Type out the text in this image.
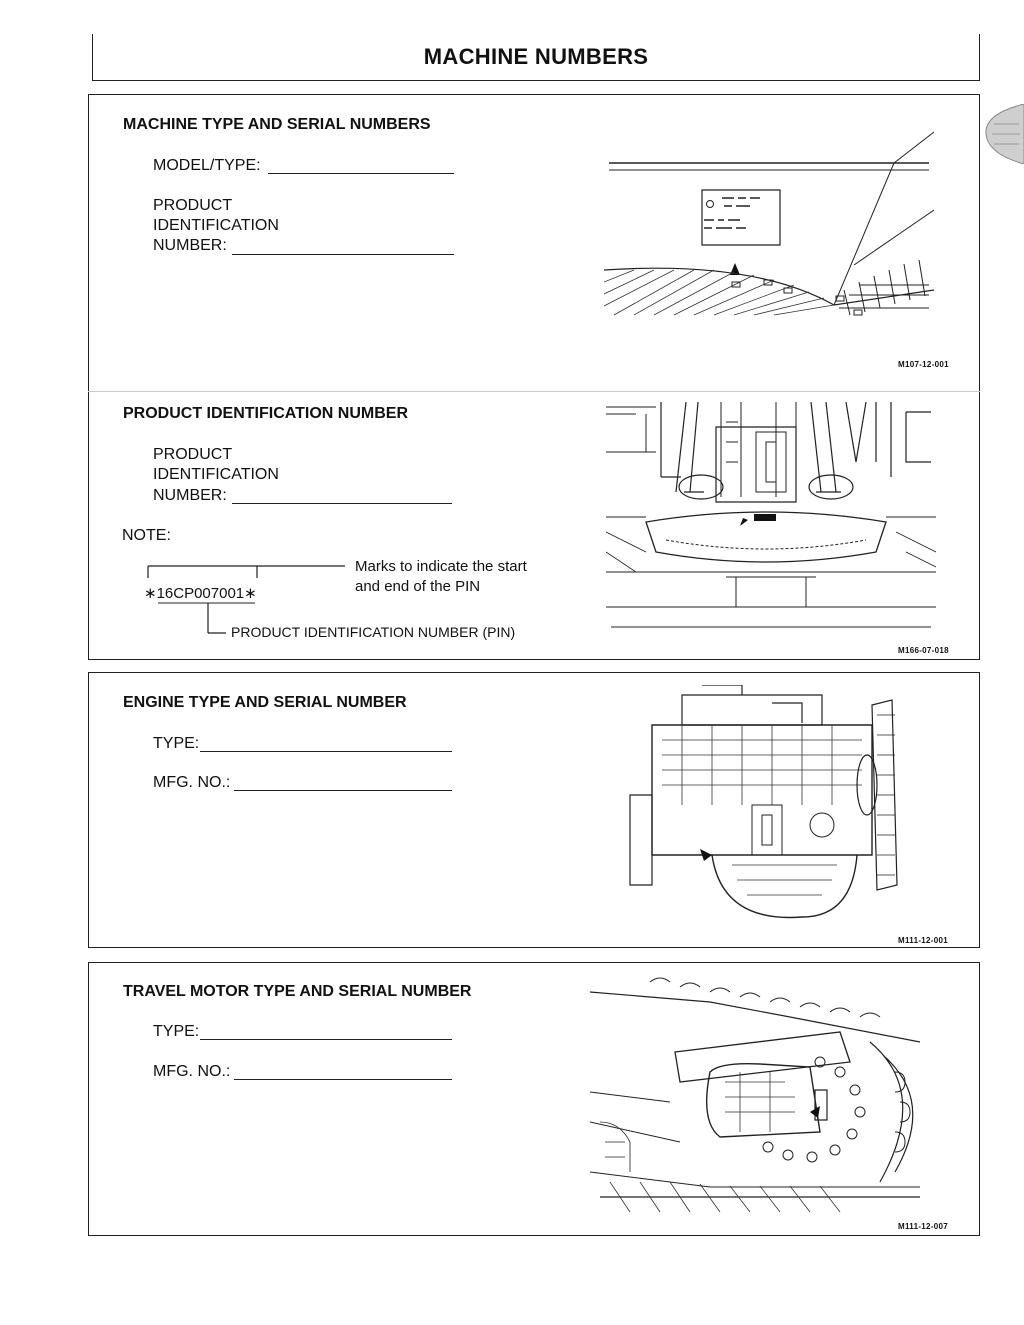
MACHINE NUMBERS
MACHINE TYPE AND SERIAL NUMBERS
MODEL/TYPE:
PRODUCT
IDENTIFICATION
NUMBER:
M107-12-001
PRODUCT IDENTIFICATION NUMBER
PRODUCT
IDENTIFICATION
NUMBER:
NOTE:
∗16CP007001∗
Marks to indicate the start
and end of the PIN
PRODUCT IDENTIFICATION NUMBER (PIN)
M166-07-018
ENGINE TYPE AND SERIAL NUMBER
TYPE:
MFG. NO.:
M111-12-001
TRAVEL MOTOR TYPE AND SERIAL NUMBER
TYPE:
MFG. NO.:
M111-12-007
